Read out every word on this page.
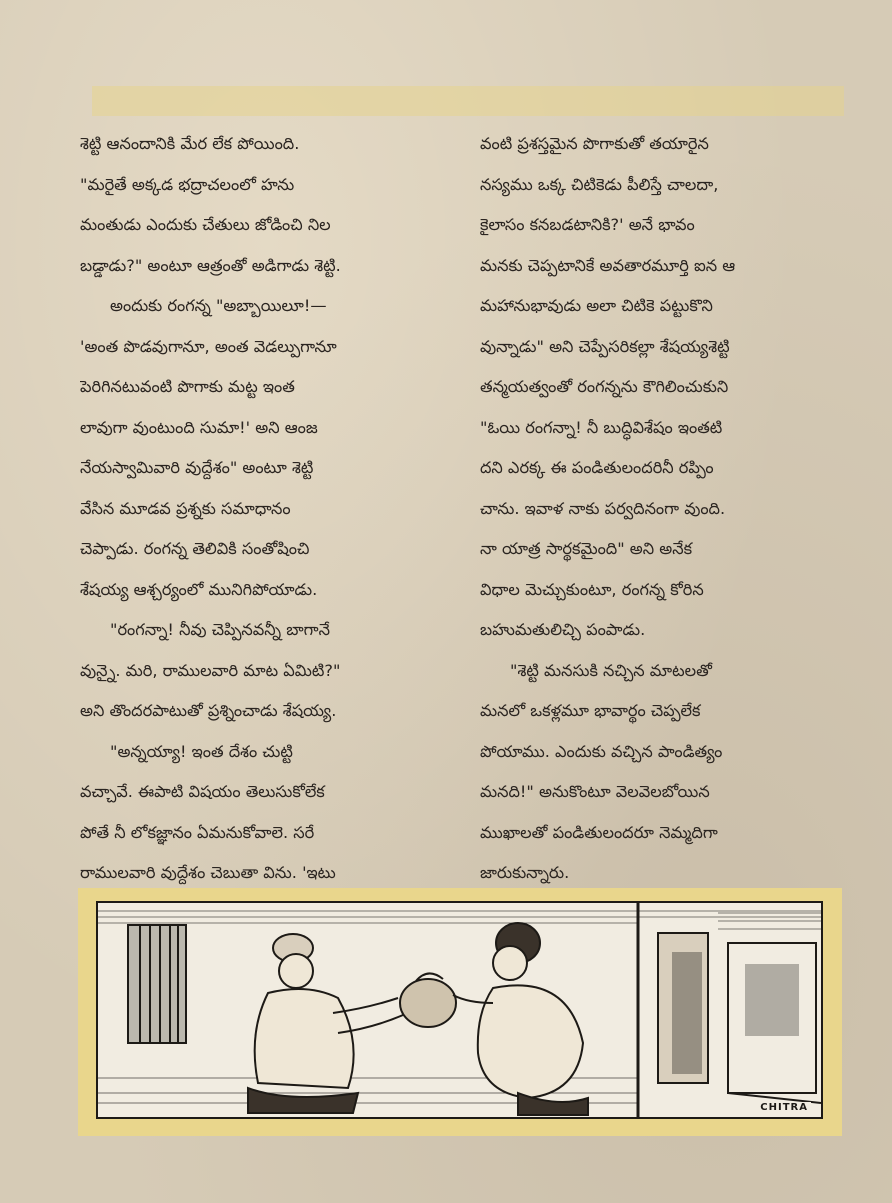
శెట్టి ఆనందానికి మేర లేక పోయింది.
"మరైతే అక్కడ భద్రాచలంలో హను
మంతుడు ఎందుకు చేతులు జోడించి నిల
బడ్డాడు?" అంటూ ఆత్రంతో అడిగాడు శెట్టి.
అందుకు రంగన్న "అబ్బాయిలూ!—
'అంత పొడవుగానూ, అంత వెడల్పుగానూ
పెరిగినటువంటి పొగాకు మట్ట ఇంత
లావుగా వుంటుంది సుమా!' అని ఆంజ
నేయస్వామివారి వుద్దేశం" అంటూ శెట్టి
వేసిన మూడవ ప్రశ్నకు సమాధానం
చెప్పాడు. రంగన్న తెలివికి సంతోషించి
శేషయ్య ఆశ్చర్యంలో మునిగిపోయాడు.
"రంగన్నా! నీవు చెప్పినవన్నీ బాగానే
వున్నై. మరి, రాములవారి మాట ఏమిటి?"
అని తొందరపాటుతో ప్రశ్నించాడు శేషయ్య.
"అన్నయ్యా! ఇంత దేశం చుట్టి
వచ్చావే. ఈపాటి విషయం తెలుసుకోలేక
పోతే నీ లోకజ్ఞానం ఏమనుకోవాలె. సరే
రాములవారి వుద్దేశం చెబుతా విను. 'ఇటు
వంటి ప్రశస్తమైన పొగాకుతో తయారైన
నస్యము ఒక్క చిటికెడు పీలిస్తే చాలదా,
కైలాసం కనబడటానికి?' అనే భావం
మనకు చెప్పటానికే అవతారమూర్తి ఐన ఆ
మహానుభావుడు అలా చిటికె పట్టుకొని
వున్నాడు" అని చెప్పేసరికల్లా శేషయ్యశెట్టి
తన్మయత్వంతో రంగన్నను కౌగిలించుకుని
"ఓయి రంగన్నా! నీ బుద్ధివిశేషం ఇంతటి
దని ఎరక్క ఈ పండితులందరినీ రప్పిం
చాను. ఇవాళ నాకు పర్వదినంగా వుంది.
నా యాత్ర సార్థకమైంది" అని అనేక
విధాల మెచ్చుకుంటూ, రంగన్న కోరిన
బహుమతులిచ్చి పంపాడు.
"శెట్టి మనసుకి నచ్చిన మాటలతో
మనలో ఒకళ్లమూ భావార్థం చెప్పలేక
పోయాము. ఎందుకు వచ్చిన పాండిత్యం
మనది!" అనుకొంటూ వెలవెలబోయిన
ముఖాలతో పండితులందరూ నెమ్మదిగా
జారుకున్నారు.
CHITRA
